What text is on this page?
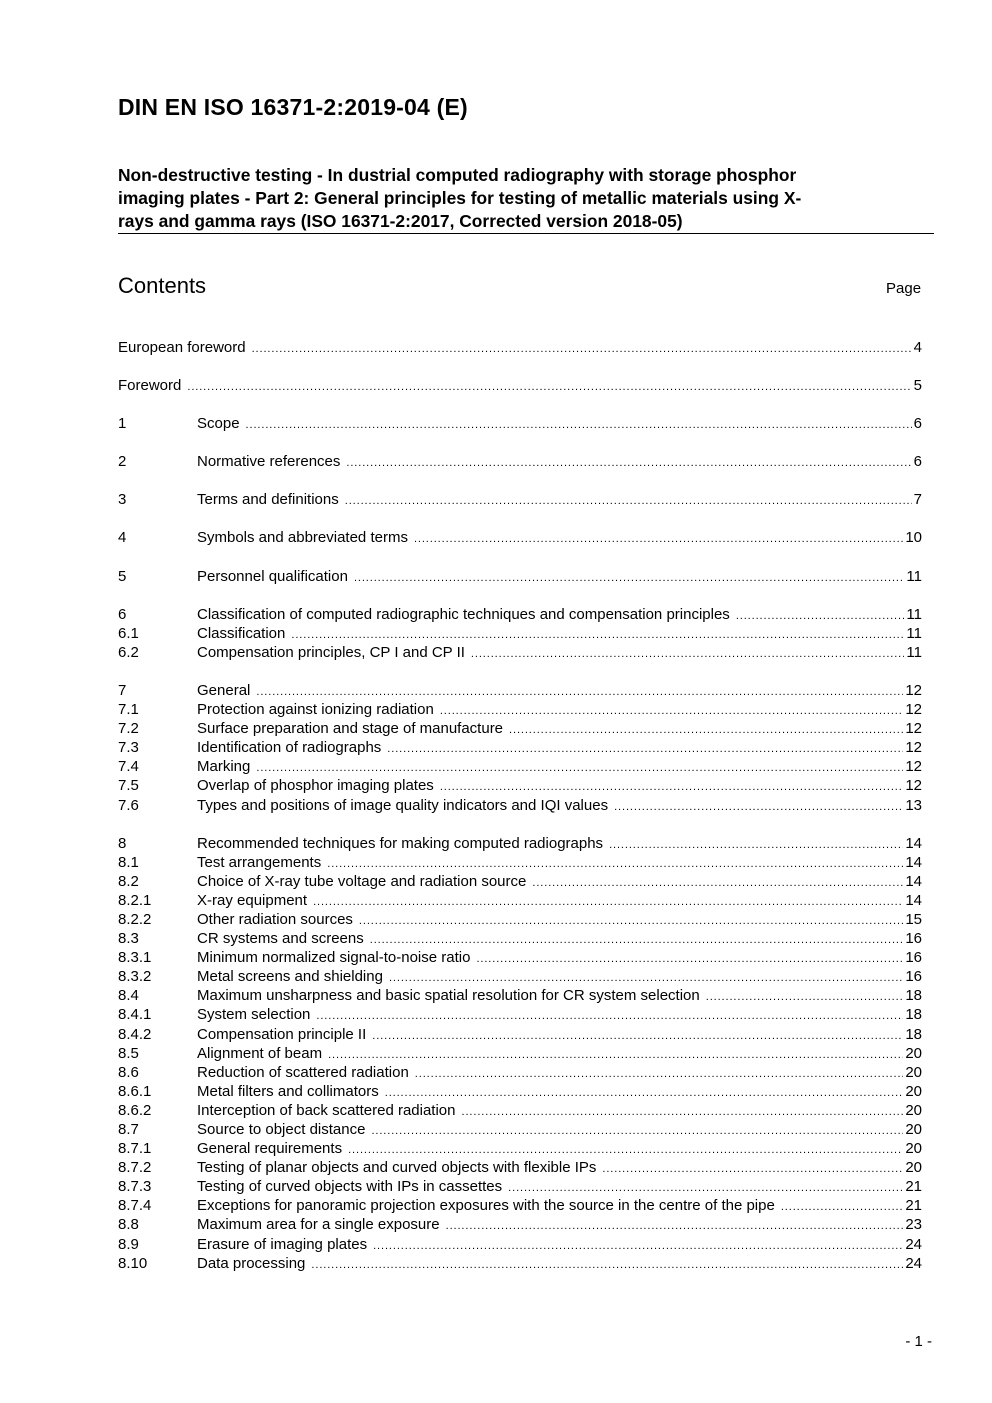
DIN EN ISO 16371-2:2019-04 (E)
Non-destructive testing - In dustrial computed radiography with storage phosphor
imaging plates - Part 2: General principles for testing of metallic materials using X-
rays and gamma rays (ISO 16371-2:2017, Corrected version 2018-05)
Contents	Page
European foreword .....	4
Foreword .....	5
1	Scope .....	6
2	Normative references .....	6
3	Terms and definitions .....	7
4	Symbols and abbreviated terms .....	10
5	Personnel qualification .....	11
6	Classification of computed radiographic techniques and compensation principles .....	11
6.1	Classification .....	11
6.2	Compensation principles, CP I and CP II .....	11
7	General .....	12
7.1	Protection against ionizing radiation .....	12
7.2	Surface preparation and stage of manufacture .....	12
7.3	Identification of radiographs .....	12
7.4	Marking .....	12
7.5	Overlap of phosphor imaging plates .....	12
7.6	Types and positions of image quality indicators and IQI values .....	13
8	Recommended techniques for making computed radiographs .....	14
8.1	Test arrangements .....	14
8.2	Choice of X-ray tube voltage and radiation source .....	14
8.2.1	X-ray equipment .....	14
8.2.2	Other radiation sources .....	15
8.3	CR systems and screens .....	16
8.3.1	Minimum normalized signal-to-noise ratio .....	16
8.3.2	Metal screens and shielding .....	16
8.4	Maximum unsharpness and basic spatial resolution for CR system selection .....	18
8.4.1	System selection .....	18
8.4.2	Compensation principle II .....	18
8.5	Alignment of beam .....	20
8.6	Reduction of scattered radiation .....	20
8.6.1	Metal filters and collimators .....	20
8.6.2	Interception of back scattered radiation .....	20
8.7	Source to object distance .....	20
8.7.1	General requirements .....	20
8.7.2	Testing of planar objects and curved objects with flexible IPs .....	20
8.7.3	Testing of curved objects with IPs in cassettes .....	21
8.7.4	Exceptions for panoramic projection exposures with the source in the centre of the pipe .....	21
8.8	Maximum area for a single exposure .....	23
8.9	Erasure of imaging plates .....	24
8.10	Data processing .....	24
- 1 -
